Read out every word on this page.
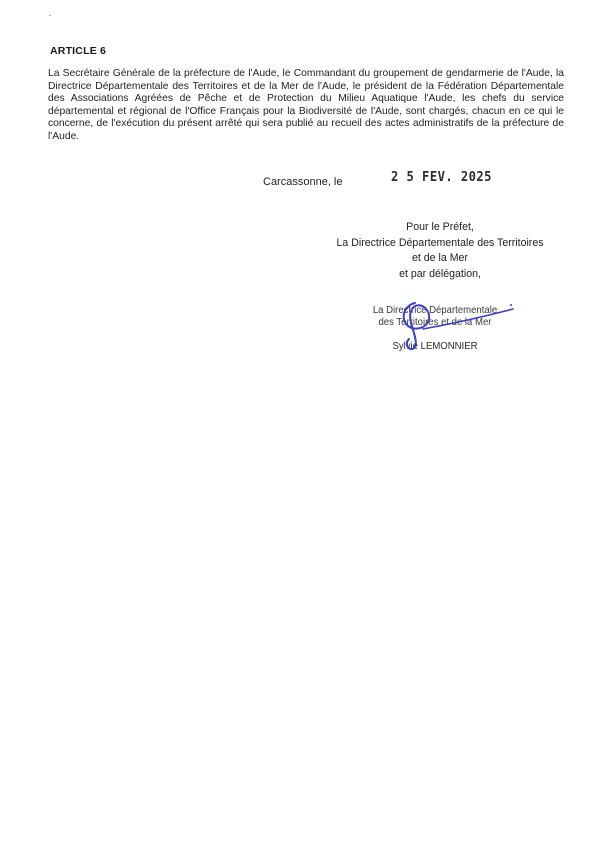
ARTICLE 6
La Secrétaire Générale de la préfecture de l'Aude, le Commandant du groupement de gendarmerie de l'Aude, la Directrice Départementale des Territoires et de la Mer de l'Aude, le président de la Fédération Départementale des Associations Agréées de Pêche et de Protection du Milieu Aquatique l'Aude, les chefs du service départemental et régional de l'Office Français pour la Biodiversité de l'Aude, sont chargés, chacun en ce qui le concerne, de l'exécution du présent arrêté qui sera publié au recueil des actes administratifs de la préfecture de l'Aude.
Carcassonne, le	2 5 FEV. 2025
Pour le Préfet,
La Directrice Départementale des Territoires
et de la Mer
et par délégation,
La Directrice Départementale
des Territoires et de la Mer
Sylvie LEMONNIER
